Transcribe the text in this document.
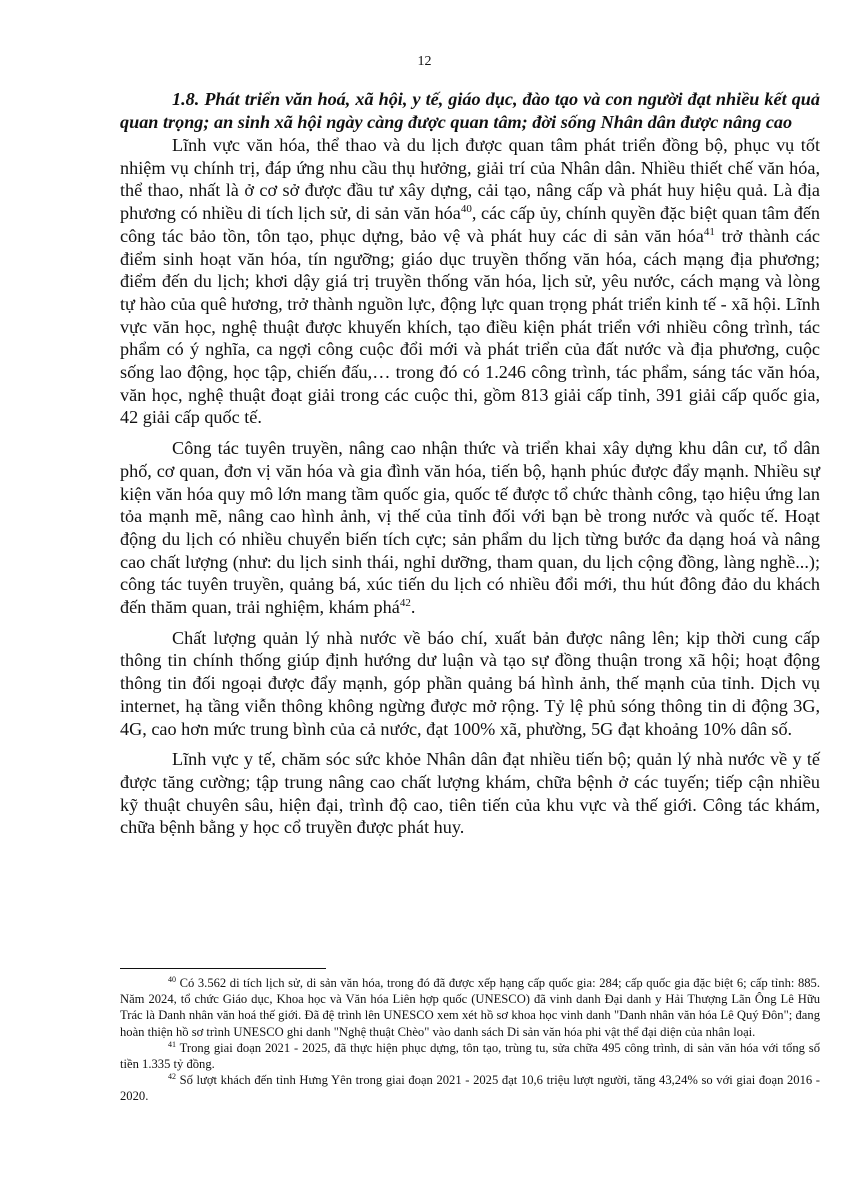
12

1.8. Phát triển văn hoá, xã hội, y tế, giáo dục, đào tạo và con người đạt nhiều kết quả quan trọng; an sinh xã hội ngày càng được quan tâm; đời sống Nhân dân được nâng cao

Lĩnh vực văn hóa, thể thao và du lịch được quan tâm phát triển đồng bộ, phục vụ tốt nhiệm vụ chính trị, đáp ứng nhu cầu thụ hưởng, giải trí của Nhân dân. Nhiều thiết chế văn hóa, thể thao, nhất là ở cơ sở được đầu tư xây dựng, cải tạo, nâng cấp và phát huy hiệu quả. Là địa phương có nhiều di tích lịch sử, di sản văn hóa$^{40}$, các cấp ủy, chính quyền đặc biệt quan tâm đến công tác bảo tồn, tôn tạo, phục dựng, bảo vệ và phát huy các di sản văn hóa$^{41}$ trở thành các điểm sinh hoạt văn hóa, tín ngưỡng; giáo dục truyền thống văn hóa, cách mạng địa phương; điểm đến du lịch; khơi dậy giá trị truyền thống văn hóa, lịch sử, yêu nước, cách mạng và lòng tự hào của quê hương, trở thành nguồn lực, động lực quan trọng phát triển kinh tế - xã hội. Lĩnh vực văn học, nghệ thuật được khuyến khích, tạo điều kiện phát triển với nhiều công trình, tác phẩm có ý nghĩa, ca ngợi công cuộc đổi mới và phát triển của đất nước và địa phương, cuộc sống lao động, học tập, chiến đấu,… trong đó có 1.246 công trình, tác phẩm, sáng tác văn hóa, văn học, nghệ thuật đoạt giải trong các cuộc thi, gồm 813 giải cấp tỉnh, 391 giải cấp quốc gia, 42 giải cấp quốc tế.

Công tác tuyên truyền, nâng cao nhận thức và triển khai xây dựng khu dân cư, tổ dân phố, cơ quan, đơn vị văn hóa và gia đình văn hóa, tiến bộ, hạnh phúc được đẩy mạnh. Nhiều sự kiện văn hóa quy mô lớn mang tầm quốc gia, quốc tế được tổ chức thành công, tạo hiệu ứng lan tỏa mạnh mẽ, nâng cao hình ảnh, vị thế của tỉnh đối với bạn bè trong nước và quốc tế. Hoạt động du lịch có nhiều chuyển biến tích cực; sản phẩm du lịch từng bước đa dạng hoá và nâng cao chất lượng (như: du lịch sinh thái, nghỉ dưỡng, tham quan, du lịch cộng đồng, làng nghề...); công tác tuyên truyền, quảng bá, xúc tiến du lịch có nhiều đổi mới, thu hút đông đảo du khách đến thăm quan, trải nghiệm, khám phá$^{42}$.

Chất lượng quản lý nhà nước về báo chí, xuất bản được nâng lên; kịp thời cung cấp thông tin chính thống giúp định hướng dư luận và tạo sự đồng thuận trong xã hội; hoạt động thông tin đối ngoại được đẩy mạnh, góp phần quảng bá hình ảnh, thế mạnh của tỉnh. Dịch vụ internet, hạ tầng viễn thông không ngừng được mở rộng. Tỷ lệ phủ sóng thông tin di động 3G, 4G, cao hơn mức trung bình của cả nước, đạt 100% xã, phường, 5G đạt khoảng 10% dân số.

Lĩnh vực y tế, chăm sóc sức khỏe Nhân dân đạt nhiều tiến bộ; quản lý nhà nước về y tế được tăng cường; tập trung nâng cao chất lượng khám, chữa bệnh ở các tuyến; tiếp cận nhiều kỹ thuật chuyên sâu, hiện đại, trình độ cao, tiên tiến của khu vực và thế giới. Công tác khám, chữa bệnh bằng y học cổ truyền được phát huy.

$^{40}$ Có 3.562 di tích lịch sử, di sản văn hóa, trong đó đã được xếp hạng cấp quốc gia: 284; cấp quốc gia đặc biệt 6; cấp tỉnh: 885. Năm 2024, tổ chức Giáo dục, Khoa học và Văn hóa Liên hợp quốc (UNESCO) đã vinh danh Đại danh y Hải Thượng Lãn Ông Lê Hữu Trác là Danh nhân văn hoá thế giới. Đã đệ trình lên UNESCO xem xét hồ sơ khoa học vinh danh "Danh nhân văn hóa Lê Quý Đôn"; đang hoàn thiện hồ sơ trình UNESCO ghi danh "Nghệ thuật Chèo" vào danh sách Di sản văn hóa phi vật thể đại diện của nhân loại.

$^{41}$ Trong giai đoạn 2021 - 2025, đã thực hiện phục dựng, tôn tạo, trùng tu, sửa chữa 495 công trình, di sản văn hóa với tổng số tiền 1.335 tỷ đồng.

$^{42}$ Số lượt khách đến tỉnh Hưng Yên trong giai đoạn 2021 - 2025 đạt 10,6 triệu lượt người, tăng 43,24% so với giai đoạn 2016 - 2020.
